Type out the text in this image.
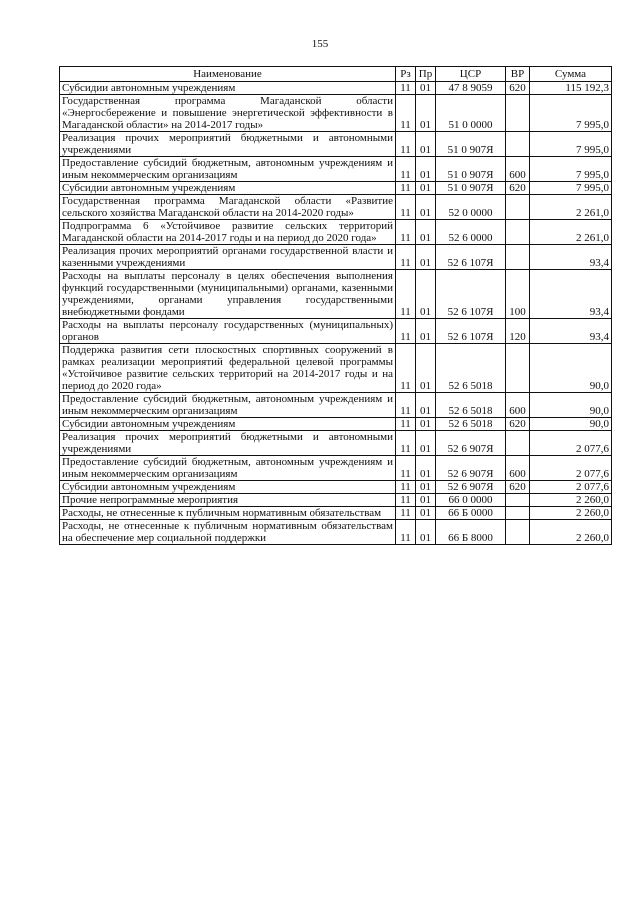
155
Наименование	Рз	Пр	ЦСР	ВР	Сумма
Субсидии автономным учреждениям	11	01	47 8 9059	620	115 192,3
Государственная программа Магаданской области «Энергосбережение и повышение энергетической эффективности в Магаданской области» на 2014-2017 годы»	11	01	51 0 0000		7 995,0
Реализация прочих мероприятий бюджетными и автономными учреждениями	11	01	51 0 907Я		7 995,0
Предоставление субсидий бюджетным, автономным учреждениям и иным некоммерческим организациям	11	01	51 0 907Я	600	7 995,0
Субсидии автономным учреждениям	11	01	51 0 907Я	620	7 995,0
Государственная программа Магаданской области «Развитие сельского хозяйства Магаданской области на 2014-2020 годы»	11	01	52 0 0000		2 261,0
Подпрограмма 6 «Устойчивое развитие сельских территорий Магаданской области на 2014-2017 годы и на период до 2020 года»	11	01	52 6 0000		2 261,0
Реализация прочих мероприятий органами государственной власти и казенными учреждениями	11	01	52 6 107Я		93,4
Расходы на выплаты персоналу в целях обеспечения выполнения функций государственными (муниципальными) органами, казенными учреждениями, органами управления государственными внебюджетными фондами	11	01	52 6 107Я	100	93,4
Расходы на выплаты персоналу государственных (муниципальных) органов	11	01	52 6 107Я	120	93,4
Поддержка развития сети плоскостных спортивных сооружений в рамках реализации мероприятий федеральной целевой программы «Устойчивое развитие сельских территорий на 2014-2017 годы и на период до 2020 года»	11	01	52 6 5018		90,0
Предоставление субсидий бюджетным, автономным учреждениям и иным некоммерческим организациям	11	01	52 6 5018	600	90,0
Субсидии автономным учреждениям	11	01	52 6 5018	620	90,0
Реализация прочих мероприятий бюджетными и автономными учреждениями	11	01	52 6 907Я		2 077,6
Предоставление субсидий бюджетным, автономным учреждениям и иным некоммерческим организациям	11	01	52 6 907Я	600	2 077,6
Субсидии автономным учреждениям	11	01	52 6 907Я	620	2 077,6
Прочие непрограммные мероприятия	11	01	66 0 0000		2 260,0
Расходы, не отнесенные к публичным нормативным обязательствам	11	01	66 Б 0000		2 260,0
Расходы, не отнесенные к публичным нормативным обязательствам на обеспечение мер социальной поддержки	11	01	66 Б 8000		2 260,0
